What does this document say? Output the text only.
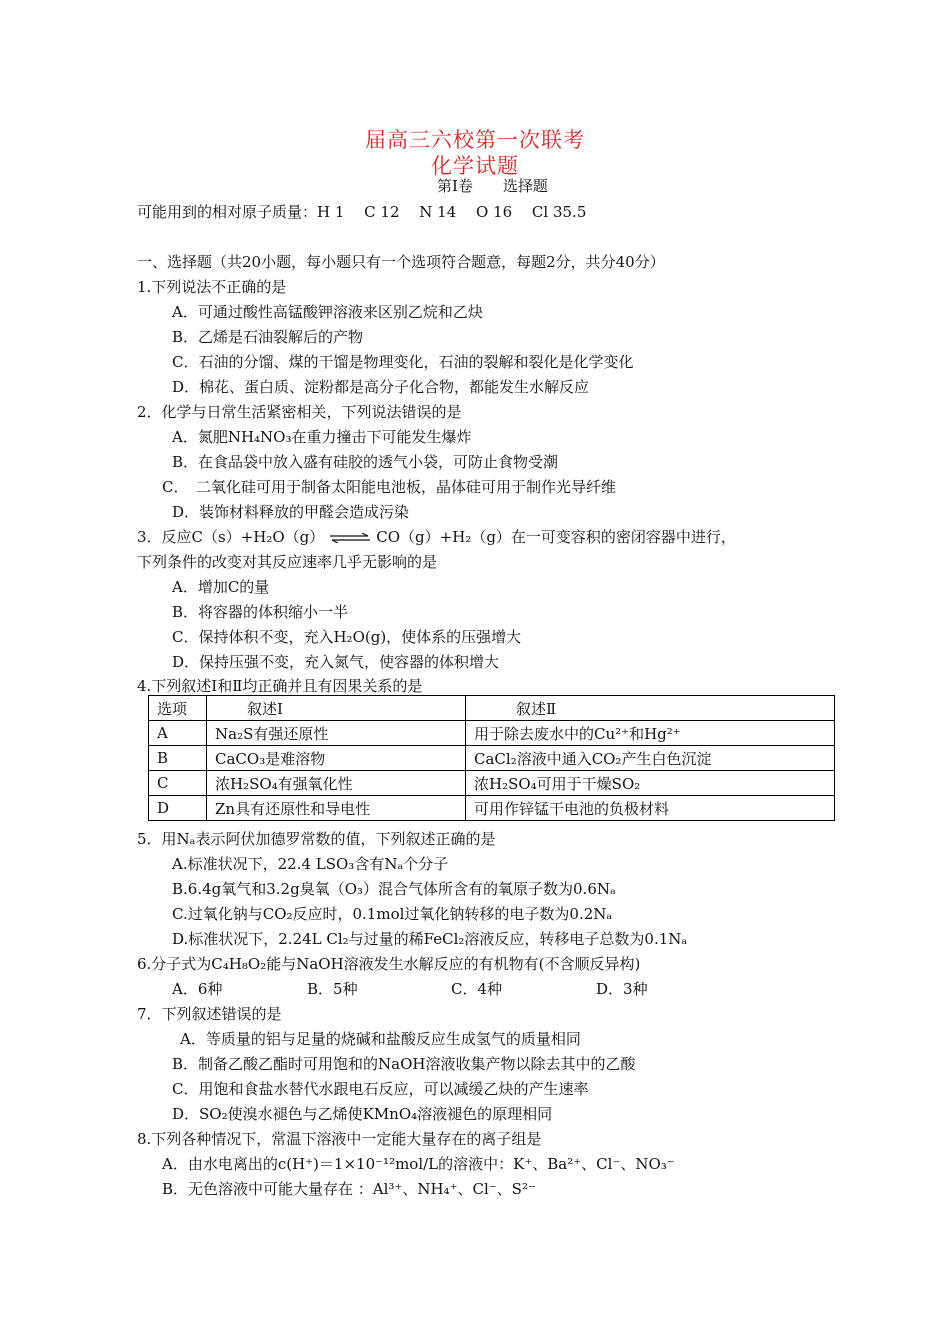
届高三六校第一次联考
化学试题
第Ⅰ卷　　选择题
可能用到的相对原子质量：H 1　 C 12　 N 14　 O 16　 Cl 35.5
一、选择题（共20小题，每小题只有一个选项符合题意，每题2分，共分40分）
1.下列说法不正确的是
A．可通过酸性高锰酸钾溶液来区别乙烷和乙炔
B．乙烯是石油裂解后的产物
C．石油的分馏、煤的干馏是物理变化，石油的裂解和裂化是化学变化
D．棉花、蛋白质、淀粉都是高分子化合物，都能发生水解反应
2．化学与日常生活紧密相关，下列说法错误的是
A．氮肥NH₄NO₃在重力撞击下可能发生爆炸
B．在食品袋中放入盛有硅胶的透气小袋，可防止食物受潮
C．　二氧化硅可用于制备太阳能电池板，晶体硅可用于制作光导纤维
D．装饰材料释放的甲醛会造成污染
3．反应C（s）+H₂O（g） ⇌ CO（g）+H₂（g）在一可变容积的密闭容器中进行，
下列条件的改变对其反应速率几乎无影响的是
A．增加C的量
B．将容器的体积缩小一半
C．保持体积不变，充入H₂O(g)，使体系的压强增大
D．保持压强不变，充入氮气，使容器的体积增大
4.下列叙述Ⅰ和Ⅱ均正确并且有因果关系的是
选项	叙述Ⅰ	叙述Ⅱ
A	Na₂S有强还原性	用于除去废水中的Cu²⁺和Hg²⁺
B	CaCO₃是难溶物	CaCl₂溶液中通入CO₂产生白色沉淀
C	浓H₂SO₄有强氧化性	浓H₂SO₄可用于干燥SO₂
D	Zn具有还原性和导电性	可用作锌锰干电池的负极材料
5．用Nₐ表示阿伏加德罗常数的值，下列叙述正确的是
A.标准状况下，22.4 LSO₃含有Nₐ个分子
B.6.4g氧气和3.2g臭氧（O₃）混合气体所含有的氧原子数为0.6Nₐ
C.过氧化钠与CO₂反应时，0.1mol过氧化钠转移的电子数为0.2Nₐ
D.标准状况下，2.24L Cl₂与过量的稀FeCl₂溶液反应，转移电子总数为0.1Nₐ
6.分子式为C₄H₈O₂能与NaOH溶液发生水解反应的有机物有(不含顺反异构)
A．6种	B．5种	C．4种	D．3种
7．下列叙述错误的是
A．等质量的铝与足量的烧碱和盐酸反应生成氢气的质量相同
B．制备乙酸乙酯时可用饱和的NaOH溶液收集产物以除去其中的乙酸
C．用饱和食盐水替代水跟电石反应，可以减缓乙炔的产生速率
D．SO₂使溴水褪色与乙烯使KMnO₄溶液褪色的原理相同
8.下列各种情况下，常温下溶液中一定能大量存在的离子组是
A．由水电离出的c(H⁺)＝1×10⁻¹²mol/L的溶液中：K⁺、Ba²⁺、Cl⁻、NO₃⁻
B．无色溶液中可能大量存在 ：Al³⁺、NH₄⁺、Cl⁻、S²⁻
